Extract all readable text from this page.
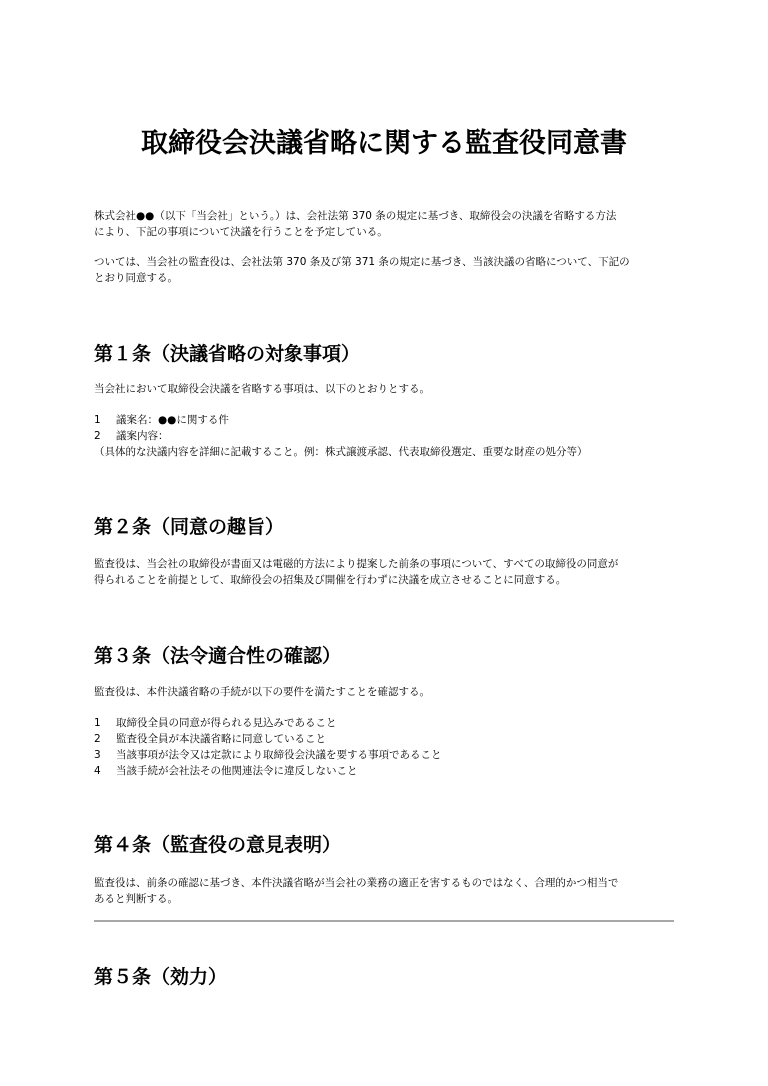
取締役会決議省略に関する監査役同意書

株式会社●●（以下「当会社」という。）は、会社法第 370 条の規定に基づき、取締役会の決議を省略する方法
により、下記の事項について決議を行うことを予定している。

ついては、当会社の監査役は、会社法第 370 条及び第 371 条の規定に基づき、当該決議の省略について、下記の
とおり同意する。

第１条（決議省略の対象事項）

当会社において取締役会決議を省略する事項は、以下のとおりとする。

1 議案名：●●に関する件
2 議案内容：

（具体的な決議内容を詳細に記載すること。例：株式譲渡承認、代表取締役選定、重要な財産の処分等）

第２条（同意の趣旨）

監査役は、当会社の取締役が書面又は電磁的方法により提案した前条の事項について、すべての取締役の同意が
得られることを前提として、取締役会の招集及び開催を行わずに決議を成立させることに同意する。

第３条（法令適合性の確認）

監査役は、本件決議省略の手続が以下の要件を満たすことを確認する。

1 取締役全員の同意が得られる見込みであること
2 監査役全員が本決議省略に同意していること
3 当該事項が法令又は定款により取締役会決議を要する事項であること
4 当該手続が会社法その他関連法令に違反しないこと
第４条（監査役の意見表明）

監査役は、前条の確認に基づき、本件決議省略が当会社の業務の適正を害するものではなく、合理的かつ相当で
あると判断する。

第５条（効力）
